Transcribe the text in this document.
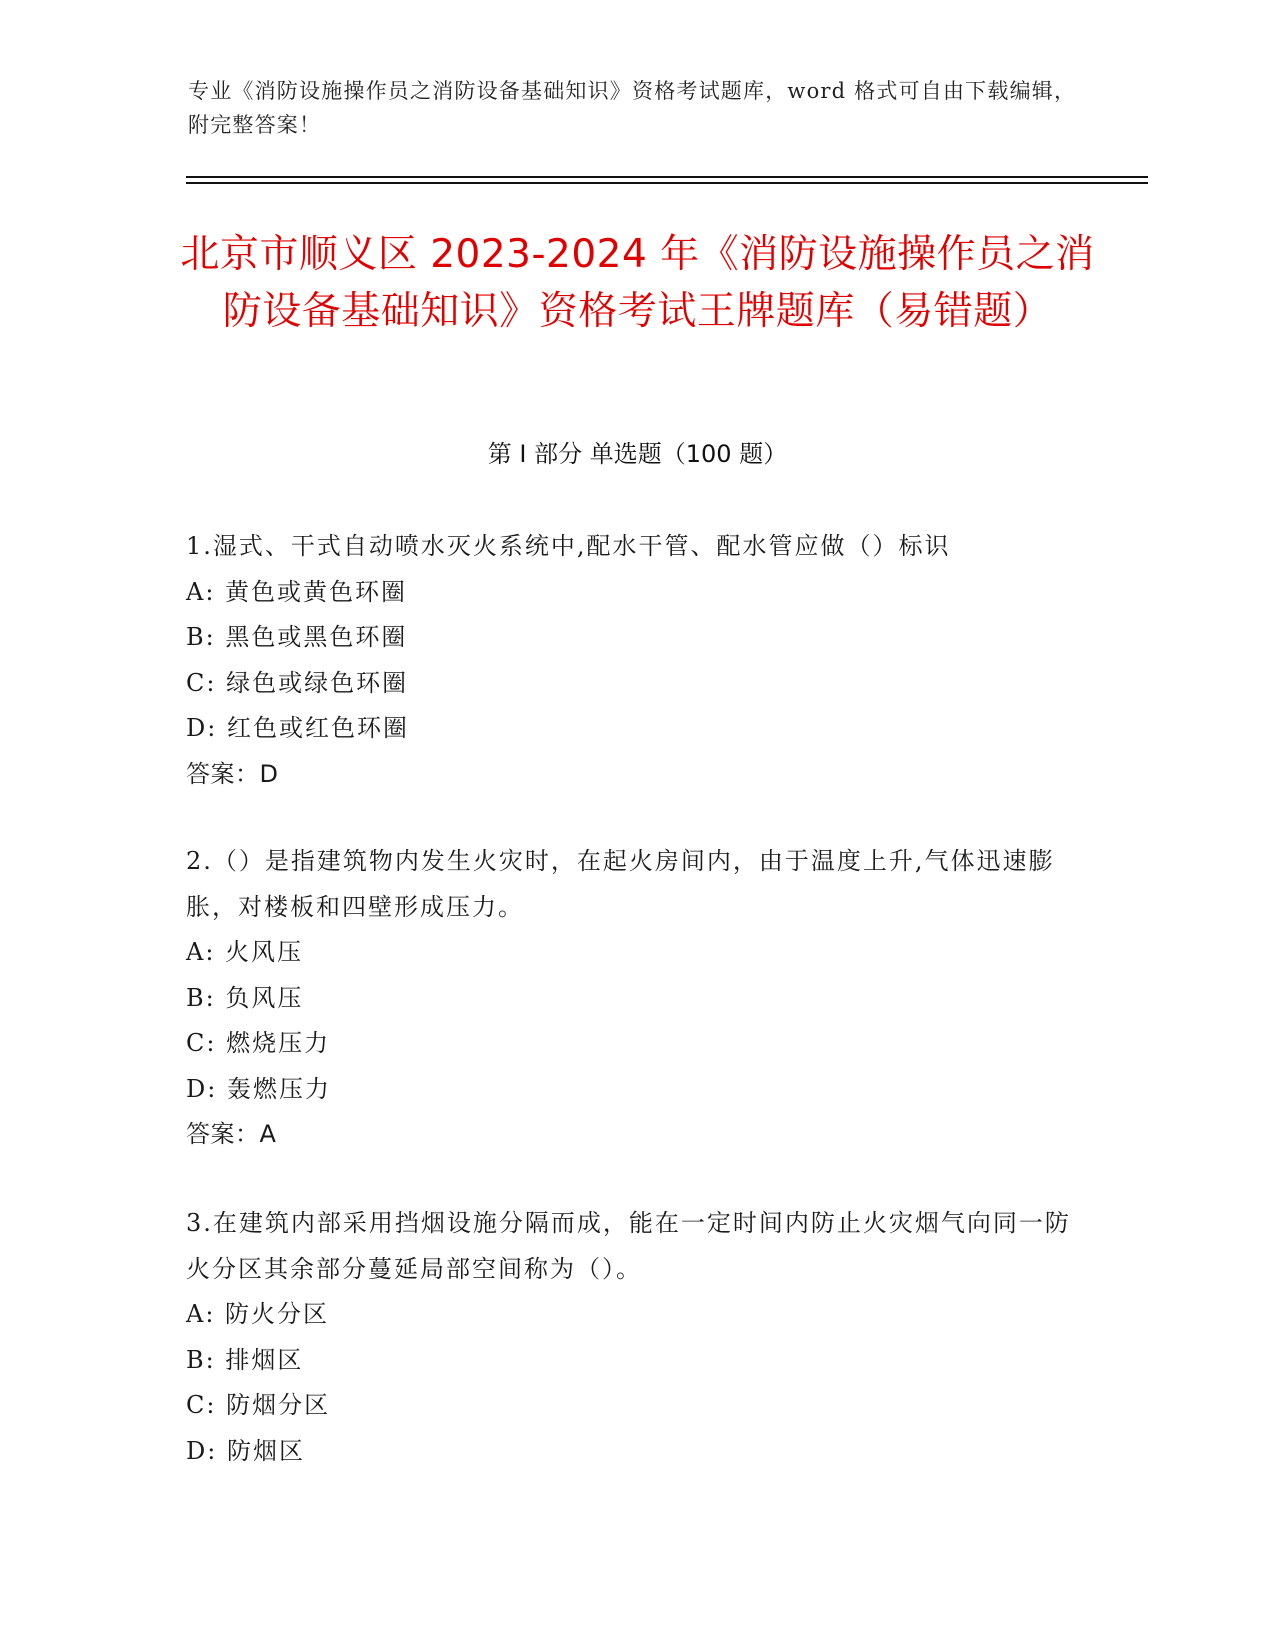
专业《消防设施操作员之消防设备基础知识》资格考试题库，word 格式可自由下载编辑，附完整答案！
北京市顺义区 2023-2024 年《消防设施操作员之消防设备基础知识》资格考试王牌题库（易错题）
第 I 部分 单选题（100 题）
1.湿式、干式自动喷水灭火系统中,配水干管、配水管应做（）标识
A: 黄色或黄色环圈
B: 黑色或黑色环圈
C: 绿色或绿色环圈
D: 红色或红色环圈
答案：D
2.（）是指建筑物内发生火灾时，在起火房间内，由于温度上升,气体迅速膨胀，对楼板和四壁形成压力。
A: 火风压
B: 负风压
C: 燃烧压力
D: 轰燃压力
答案：A
3.在建筑内部采用挡烟设施分隔而成，能在一定时间内防止火灾烟气向同一防火分区其余部分蔓延局部空间称为（）。
A: 防火分区
B: 排烟区
C: 防烟分区
D: 防烟区
